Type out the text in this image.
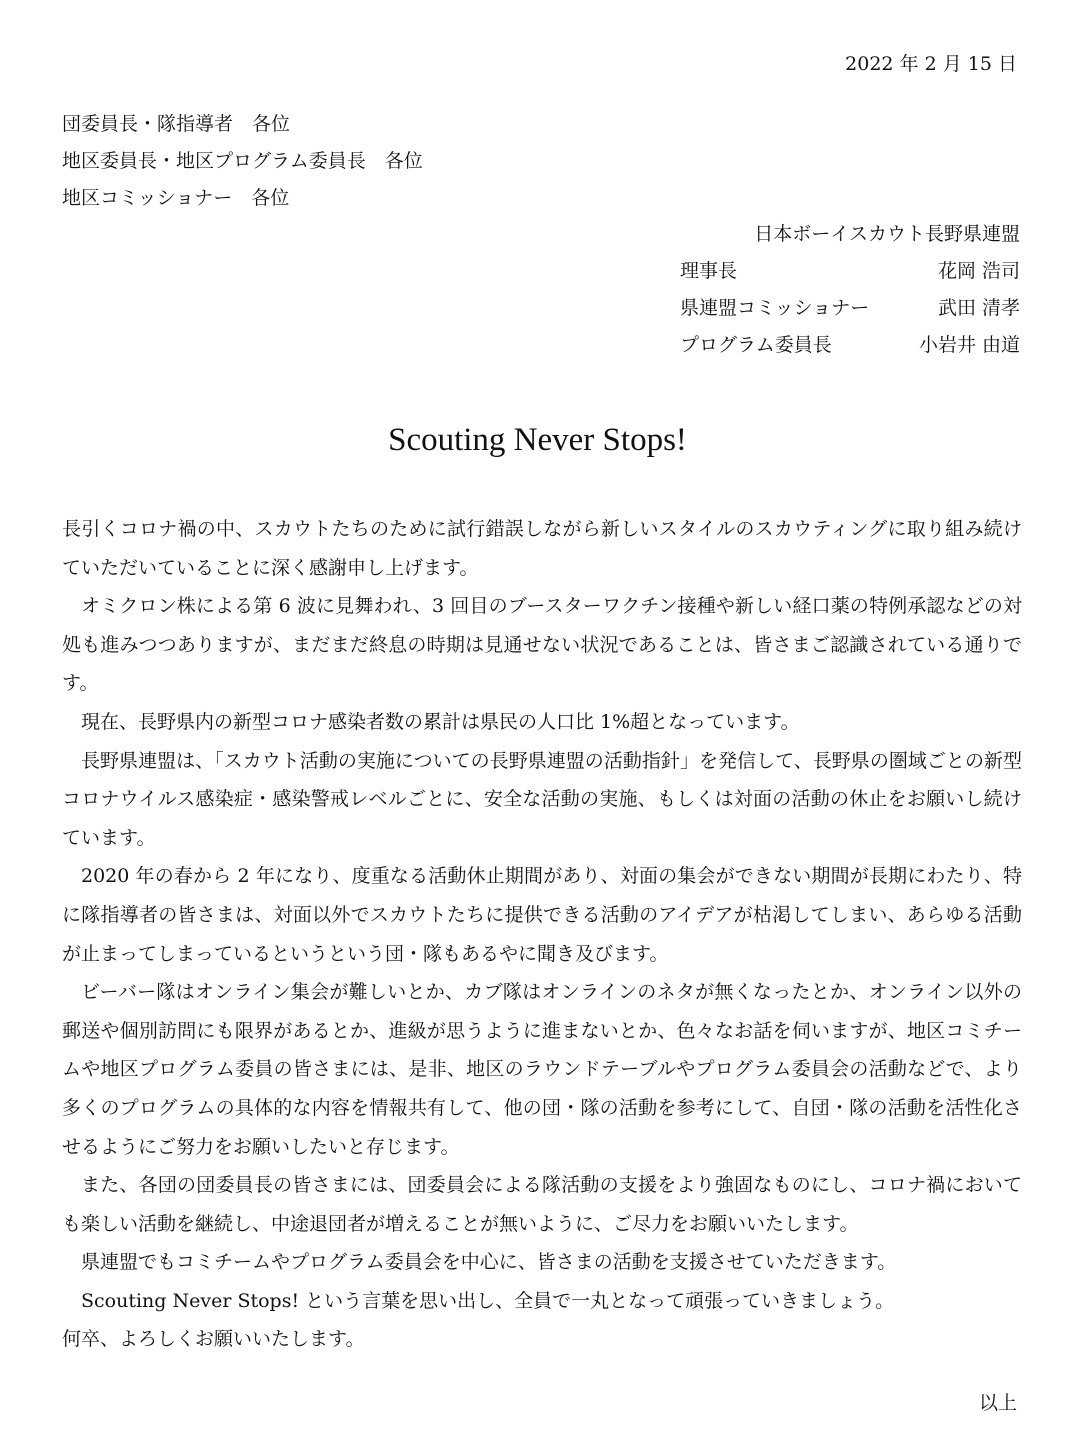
2022 年 2 月 15 日
団委員長・隊指導者　各位
地区委員長・地区プログラム委員長　各位
地区コミッショナー　各位
日本ボーイスカウト長野県連盟
理事長	花岡 浩司
県連盟コミッショナー	武田 清孝
プログラム委員長	小岩井 由道
Scouting Never Stops!

長引くコロナ禍の中、スカウトたちのために試行錯誤しながら新しいスタイルのスカウティングに取り組み続けていただいていることに深く感謝申し上げます。

オミクロン株による第 6 波に見舞われ、3 回目のブースターワクチン接種や新しい経口薬の特例承認などの対処も進みつつありますが、まだまだ終息の時期は見通せない状況であることは、皆さまご認識されている通りです。

現在、長野県内の新型コロナ感染者数の累計は県民の人口比 1%超となっています。

長野県連盟は、「スカウト活動の実施についての長野県連盟の活動指針」を発信して、長野県の圏域ごとの新型コロナウイルス感染症・感染警戒レベルごとに、安全な活動の実施、もしくは対面の活動の休止をお願いし続けています。

2020 年の春から 2 年になり、度重なる活動休止期間があり、対面の集会ができない期間が長期にわたり、特に隊指導者の皆さまは、対面以外でスカウトたちに提供できる活動のアイデアが枯渇してしまい、あらゆる活動が止まってしまっているというという団・隊もあるやに聞き及びます。

ビーバー隊はオンライン集会が難しいとか、カブ隊はオンラインのネタが無くなったとか、オンライン以外の郵送や個別訪問にも限界があるとか、進級が思うように進まないとか、色々なお話を伺いますが、地区コミチームや地区プログラム委員の皆さまには、是非、地区のラウンドテーブルやプログラム委員会の活動などで、より多くのプログラムの具体的な内容を情報共有して、他の団・隊の活動を参考にして、自団・隊の活動を活性化させるようにご努力をお願いしたいと存じます。

また、各団の団委員長の皆さまには、団委員会による隊活動の支援をより強固なものにし、コロナ禍においても楽しい活動を継続し、中途退団者が増えることが無いように、ご尽力をお願いいたします。

県連盟でもコミチームやプログラム委員会を中心に、皆さまの活動を支援させていただきます。

Scouting Never Stops! という言葉を思い出し、全員で一丸となって頑張っていきましょう。

何卒、よろしくお願いいたします。

以上
